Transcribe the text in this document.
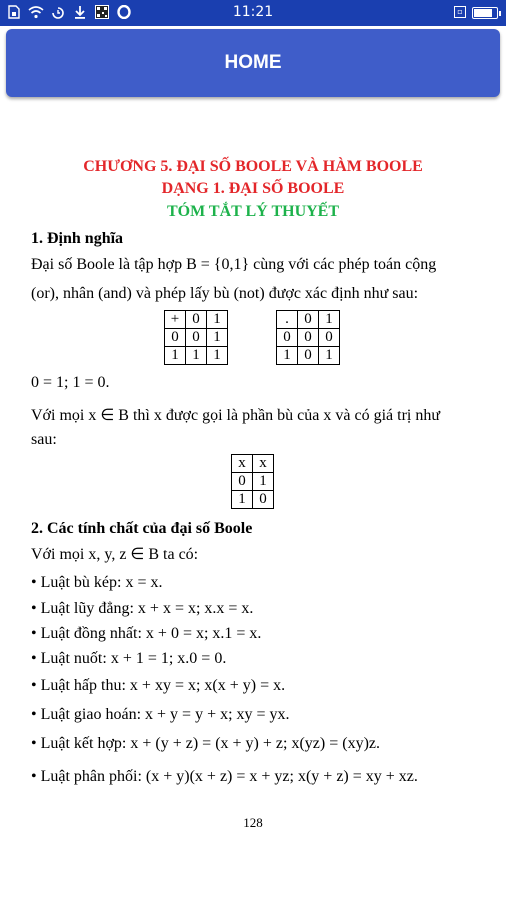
11:21	▫
HOME
CHƯƠNG 5. ĐẠI SỐ BOOLE VÀ HÀM BOOLE
DẠNG 1. ĐẠI SỐ BOOLE
TÓM TẮT LÝ THUYẾT
1. Định nghĩa
Đại số Boole là tập hợp B = {0,1} cùng với các phép toán cộng
(or), nhân (and) và phép lấy bù (not) được xác định như sau:
+	0	1
0	0	1
1	1	1
.	0	1
0	0	0
1	0	1
0 = 1; 1 = 0.
Với mọi x ∈ B thì x được gọi là phần bù của x và có giá trị như
sau:
x	$\overline{x}$
0	1
1	0
2. Các tính chất của đại số Boole
Với mọi x, y, z ∈ B ta có:
• Luật bù kép: x = x.
• Luật lũy đẳng: x + x = x; x.x = x.
• Luật đồng nhất: x + 0 = x; x.1 = x.
• Luật nuốt: x + 1 = 1; x.0 = 0.
• Luật hấp thu: x + xy = x; x(x + y) = x.
• Luật giao hoán: x + y = y + x; xy = yx.
• Luật kết hợp: x + (y + z) = (x + y) + z; x(yz) = (xy)z.
• Luật phân phối: (x + y)(x + z) = x + yz; x(y + z) = xy + xz.
128
